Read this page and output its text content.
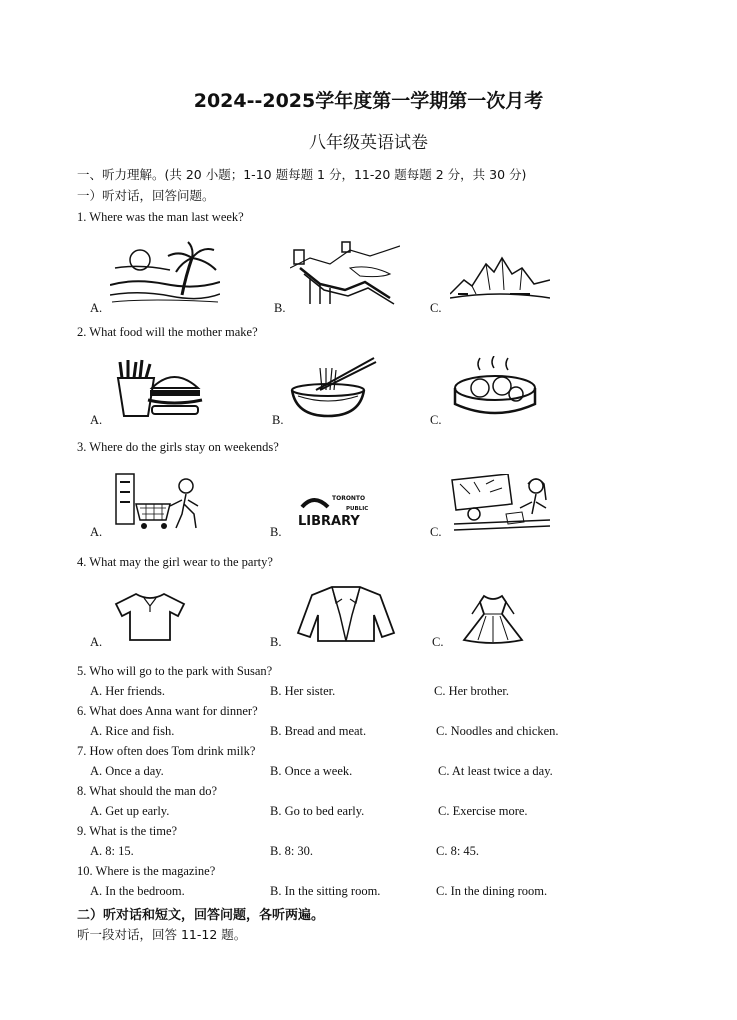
2024--2025学年度第一学期第一次月考
八年级英语试卷
一、听力理解。(共 20 小题；1-10 题每题 1 分，11-20 题每题 2 分，共 30 分)
一）听对话，回答问题。
1. Where was the man last week?
A.	B.	C.
2. What food will the mother make?
A.	B.	C.
3. Where do the girls stay on weekends?
A.	B.	C.
TORONTO
PUBLIC
LIBRARY
4. What may the girl wear to the party?
A.	B.	C.
5. Who will go to the park with Susan?
A. Her friends.	B. Her sister.	C. Her brother.
6. What does Anna want for dinner?
A. Rice and fish.	B. Bread and meat.	C. Noodles and chicken.
7. How often does Tom drink milk?
A. Once a day.	B. Once a week.	C. At least twice a day.
8. What should the man do?
A. Get up early.	B. Go to bed early.	C. Exercise more.
9. What is the time?
A. 8: 15.	B. 8: 30.	C. 8: 45.
10. Where is the magazine?
A. In the bedroom.	B. In the sitting room.	C. In the dining room.
二）听对话和短文，回答问题，各听两遍。
听一段对话，回答 11-12 题。
